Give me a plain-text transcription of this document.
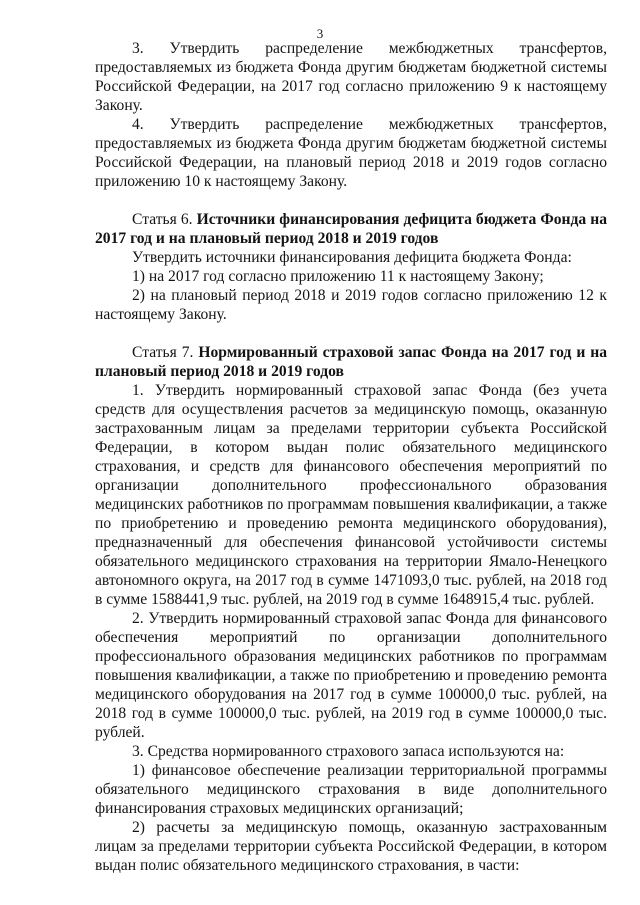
3

3. Утвердить распределение межбюджетных трансфертов, предоставляемых из бюджета Фонда другим бюджетам бюджетной системы Российской Федерации, на 2017 год согласно приложению 9 к настоящему Закону.

4. Утвердить распределение межбюджетных трансфертов, предоставляемых из бюджета Фонда другим бюджетам бюджетной системы Российской Федерации, на плановый период 2018 и 2019 годов согласно приложению 10 к настоящему Закону.

Статья 6. Источники финансирования дефицита бюджета Фонда на 2017 год и на плановый период 2018 и 2019 годов

Утвердить источники финансирования дефицита бюджета Фонда:

1) на 2017 год согласно приложению 11 к настоящему Закону;

2) на плановый период 2018 и 2019 годов согласно приложению 12 к настоящему Закону.

Статья 7. Нормированный страховой запас Фонда на 2017 год и на плановый период 2018 и 2019 годов

1. Утвердить нормированный страховой запас Фонда (без учета средств для осуществления расчетов за медицинскую помощь, оказанную застрахованным лицам за пределами территории субъекта Российской Федерации, в котором выдан полис обязательного медицинского страхования, и средств для финансового обеспечения мероприятий по организации дополнительного профессионального образования медицинских работников по программам повышения квалификации, а также по приобретению и проведению ремонта медицинского оборудования), предназначенный для обеспечения финансовой устойчивости системы обязательного медицинского страхования на территории Ямало-Ненецкого автономного округа, на 2017 год в сумме 1471093,0 тыс. рублей, на 2018 год в сумме 1588441,9 тыс. рублей, на 2019 год в сумме 1648915,4 тыс. рублей.

2. Утвердить нормированный страховой запас Фонда для финансового обеспечения мероприятий по организации дополнительного профессионального образования медицинских работников по программам повышения квалификации, а также по приобретению и проведению ремонта медицинского оборудования на 2017 год в сумме 100000,0 тыс. рублей, на 2018 год в сумме 100000,0 тыс. рублей, на 2019 год в сумме 100000,0 тыс. рублей.

3. Средства нормированного страхового запаса используются на:

1) финансовое обеспечение реализации территориальной программы обязательного медицинского страхования в виде дополнительного финансирования страховых медицинских организаций;

2) расчеты за медицинскую помощь, оказанную застрахованным лицам за пределами территории субъекта Российской Федерации, в котором выдан полис обязательного медицинского страхования, в части:
